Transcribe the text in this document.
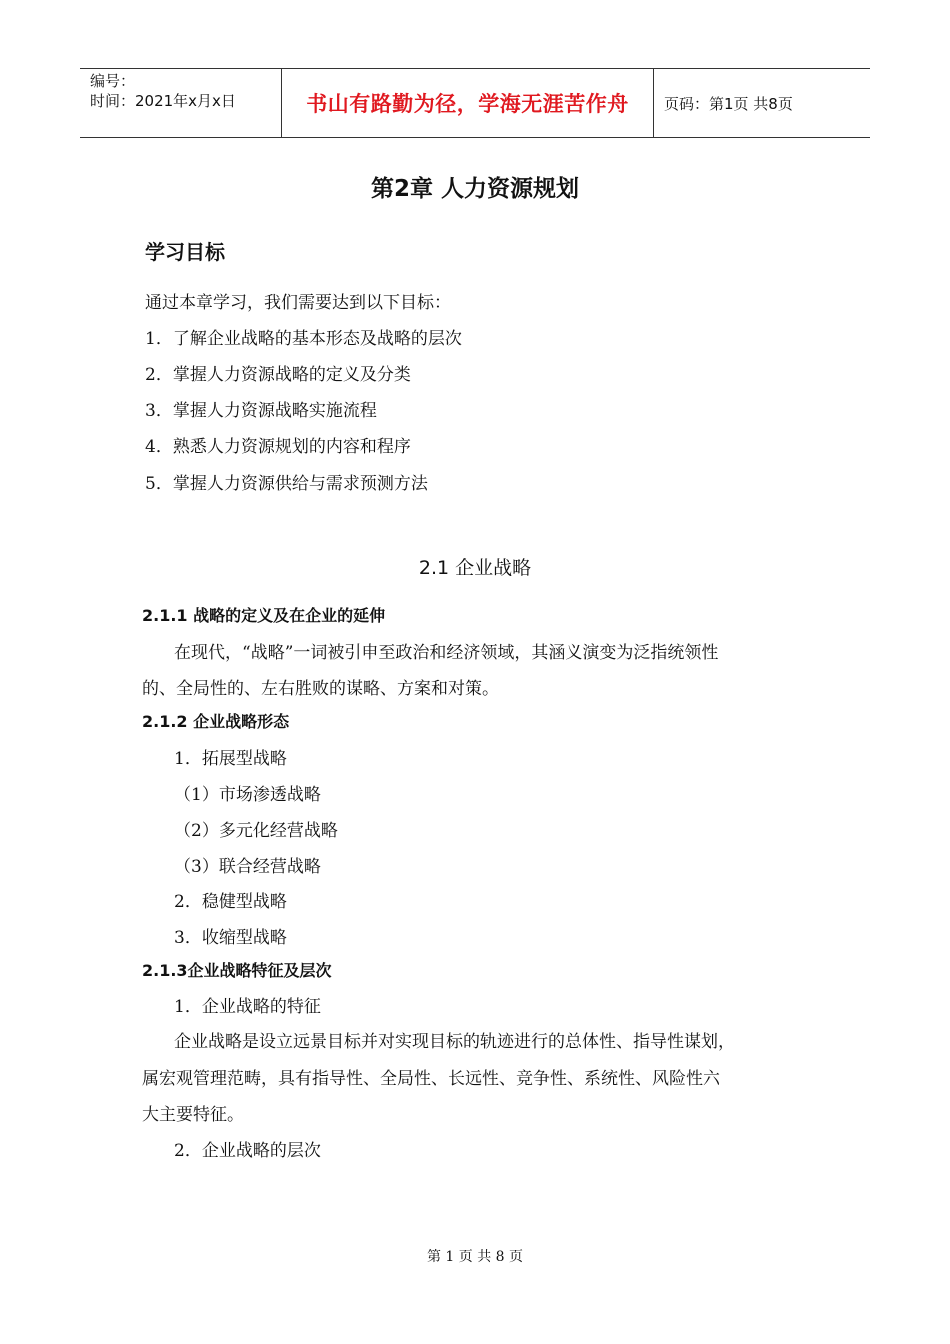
编号：
时间：2021年x月x日	书山有路勤为径，学海无涯苦作舟	页码：第1页 共8页
第2章 人力资源规划
学习目标
通过本章学习，我们需要达到以下目标：
1．了解企业战略的基本形态及战略的层次
2．掌握人力资源战略的定义及分类
3．掌握人力资源战略实施流程
4．熟悉人力资源规划的内容和程序
5．掌握人力资源供给与需求预测方法
2.1 企业战略
2.1.1 战略的定义及在企业的延伸
在现代，“战略”一词被引申至政治和经济领域，其涵义演变为泛指统领性
的、全局性的、左右胜败的谋略、方案和对策。
2.1.2 企业战略形态
1．拓展型战略
（1）市场渗透战略
（2）多元化经营战略
（3）联合经营战略
2．稳健型战略
3．收缩型战略
2.1.3企业战略特征及层次
1．企业战略的特征
企业战略是设立远景目标并对实现目标的轨迹进行的总体性、指导性谋划，
属宏观管理范畴，具有指导性、全局性、长远性、竞争性、系统性、风险性六
大主要特征。
2．企业战略的层次
第 1 页 共 8 页
